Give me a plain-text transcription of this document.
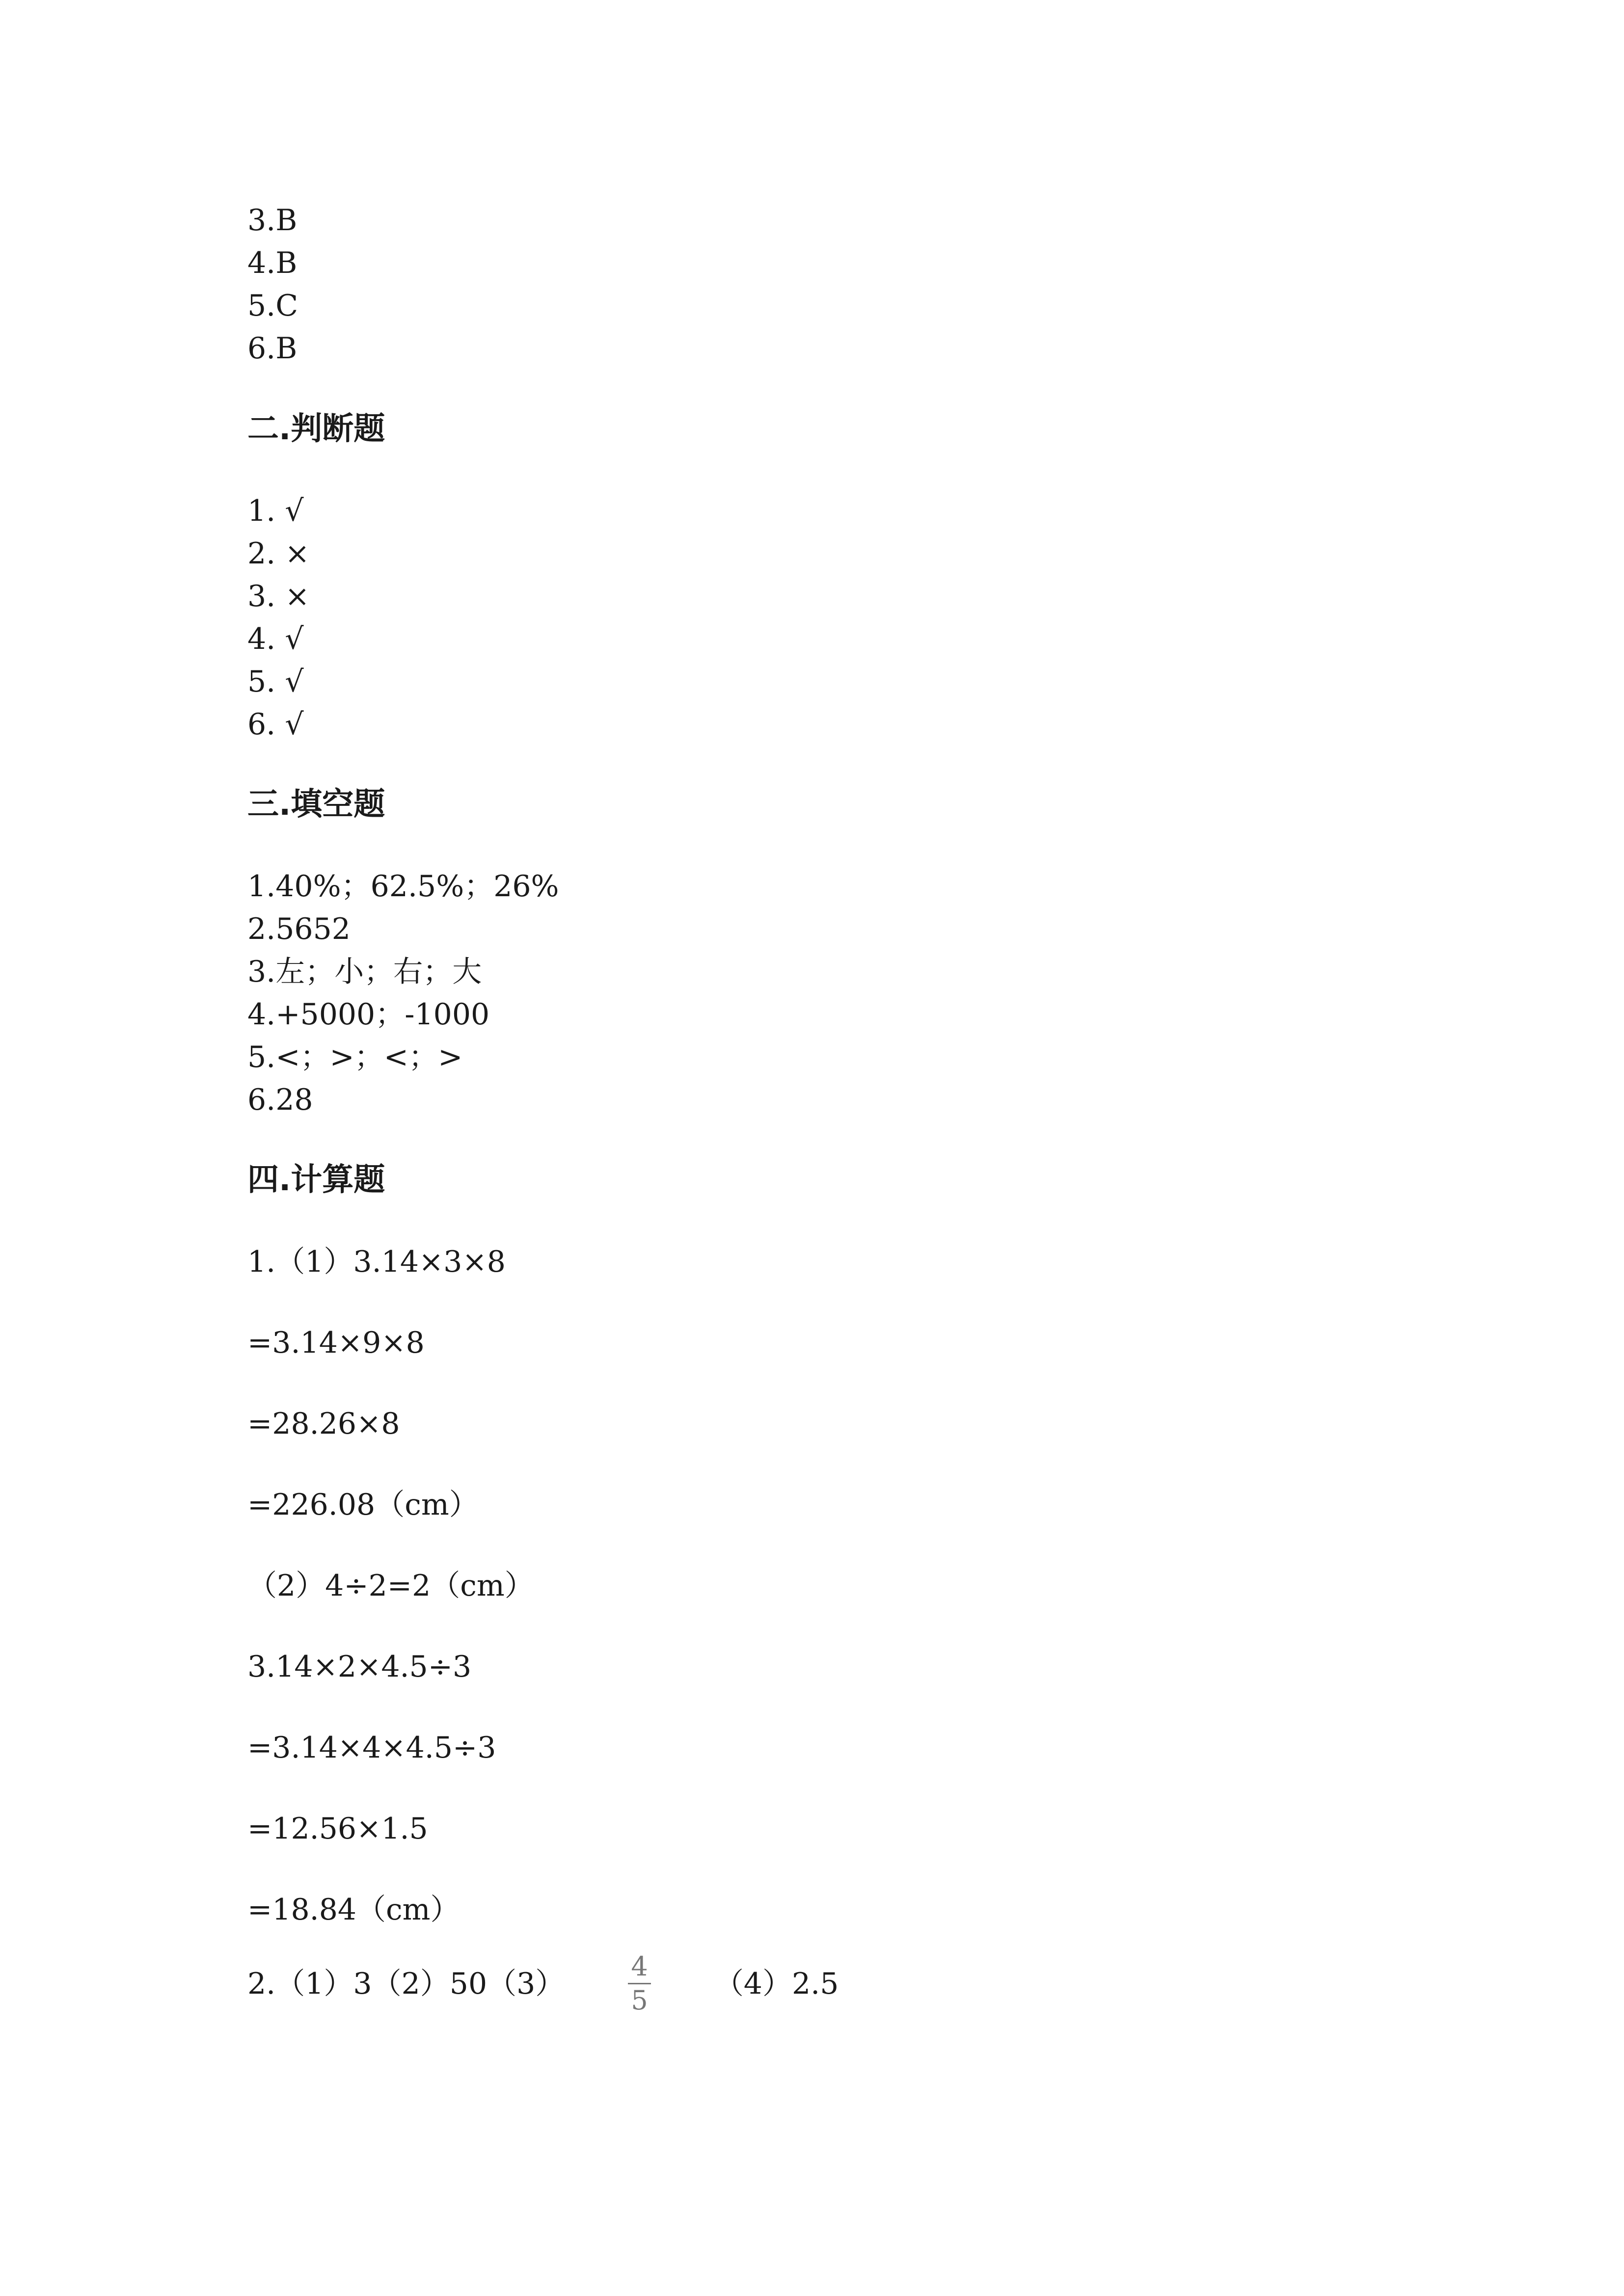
3.B
4.B
5.C
6.B
二.判断题
1. √
2. ×
3. ×
4. √
5. √
6. √
三.填空题
1.40%；62.5%；26%
2.5652
3.左；小；右；大
4.+5000；-1000
5.<；>；<；>
6.28
四.计算题
1.（1）3.14×3×8
=3.14×9×8
=28.26×8
=226.08（cm）
（2）4÷2=2（cm）
3.14×2×4.5÷3
=3.14×4×4.5÷3
=12.56×1.5
=18.84（cm）
$2.(1)3(2)50(3) \frac{4}{5} (4)2.5$
